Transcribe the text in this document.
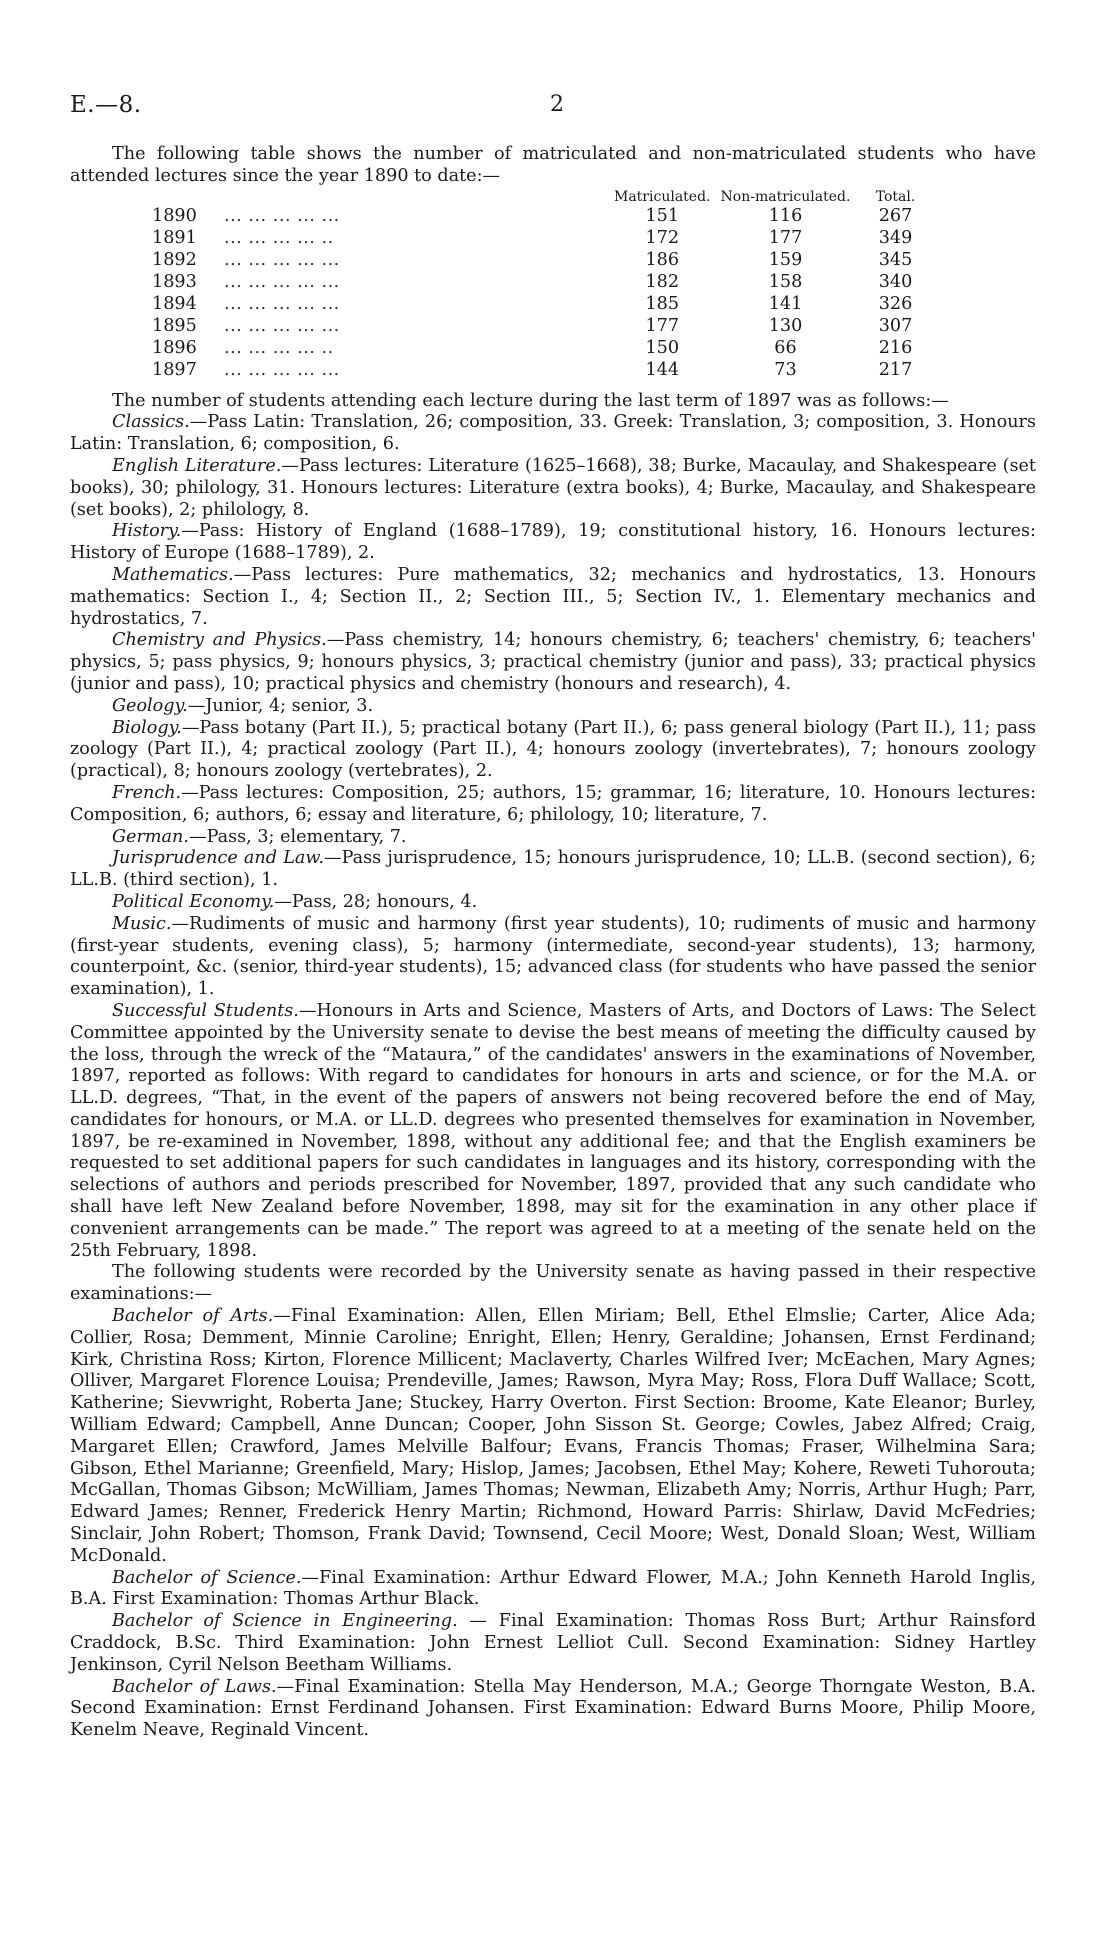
E.—8.	2

The following table shows the number of matriculated and non-matriculated students who have attended lectures since the year 1890 to date:—

		Matriculated.	Non-matriculated.	Total.
1890	... ... ... ... ...	151	116	267
1891	... ... ... ... ..	172	177	349
1892	... ... ... ... ...	186	159	345
1893	... ... ... ... ...	182	158	340
1894	... ... ... ... ...	185	141	326
1895	... ... ... ... ...	177	130	307
1896	... ... ... ... ..	150	66	216
1897	... ... ... ... ...	144	73	217

The number of students attending each lecture during the last term of 1897 was as follows:—

Classics.—Pass Latin: Translation, 26; composition, 33. Greek: Translation, 3; composition, 3. Honours Latin: Translation, 6; composition, 6.

English Literature.—Pass lectures: Literature (1625–1668), 38; Burke, Macaulay, and Shakespeare (set books), 30; philology, 31. Honours lectures: Literature (extra books), 4; Burke, Macaulay, and Shakespeare (set books), 2; philology, 8.

History.—Pass: History of England (1688–1789), 19; constitutional history, 16. Honours lectures: History of Europe (1688–1789), 2.

Mathematics.—Pass lectures: Pure mathematics, 32; mechanics and hydrostatics, 13. Honours mathematics: Section I., 4; Section II., 2; Section III., 5; Section IV., 1. Elementary mechanics and hydrostatics, 7.

Chemistry and Physics.—Pass chemistry, 14; honours chemistry, 6; teachers' chemistry, 6; teachers' physics, 5; pass physics, 9; honours physics, 3; practical chemistry (junior and pass), 33; practical physics (junior and pass), 10; practical physics and chemistry (honours and research), 4.

Geology.—Junior, 4; senior, 3.

Biology.—Pass botany (Part II.), 5; practical botany (Part II.), 6; pass general biology (Part II.), 11; pass zoology (Part II.), 4; practical zoology (Part II.), 4; honours zoology (invertebrates), 7; honours zoology (practical), 8; honours zoology (vertebrates), 2.

French.—Pass lectures: Composition, 25; authors, 15; grammar, 16; literature, 10. Honours lectures: Composition, 6; authors, 6; essay and literature, 6; philology, 10; literature, 7.

German.—Pass, 3; elementary, 7.

Jurisprudence and Law.—Pass jurisprudence, 15; honours jurisprudence, 10; LL.B. (second section), 6; LL.B. (third section), 1.

Political Economy.—Pass, 28; honours, 4.

Music.—Rudiments of music and harmony (first year students), 10; rudiments of music and harmony (first-year students, evening class), 5; harmony (intermediate, second-year students), 13; harmony, counterpoint, &c. (senior, third-year students), 15; advanced class (for students who have passed the senior examination), 1.

Successful Students.—Honours in Arts and Science, Masters of Arts, and Doctors of Laws: The Select Committee appointed by the University senate to devise the best means of meeting the difficulty caused by the loss, through the wreck of the “Mataura,” of the candidates' answers in the examinations of November, 1897, reported as follows: With regard to candidates for honours in arts and science, or for the M.A. or LL.D. degrees, “That, in the event of the papers of answers not being recovered before the end of May, candidates for honours, or M.A. or LL.D. degrees who presented themselves for examination in November, 1897, be re-examined in November, 1898, without any additional fee; and that the English examiners be requested to set additional papers for such candidates in languages and its history, corresponding with the selections of authors and periods prescribed for November, 1897, provided that any such candidate who shall have left New Zealand before November, 1898, may sit for the examination in any other place if convenient arrangements can be made.” The report was agreed to at a meeting of the senate held on the 25th February, 1898.

The following students were recorded by the University senate as having passed in their respective examinations:—

Bachelor of Arts.—Final Examination: Allen, Ellen Miriam; Bell, Ethel Elmslie; Carter, Alice Ada; Collier, Rosa; Demment, Minnie Caroline; Enright, Ellen; Henry, Geraldine; Johansen, Ernst Ferdinand; Kirk, Christina Ross; Kirton, Florence Millicent; Maclaverty, Charles Wilfred Iver; McEachen, Mary Agnes; Olliver, Margaret Florence Louisa; Prendeville, James; Rawson, Myra May; Ross, Flora Duff Wallace; Scott, Katherine; Sievwright, Roberta Jane; Stuckey, Harry Overton. First Section: Broome, Kate Eleanor; Burley, William Edward; Campbell, Anne Duncan; Cooper, John Sisson St. George; Cowles, Jabez Alfred; Craig, Margaret Ellen; Crawford, James Melville Balfour; Evans, Francis Thomas; Fraser, Wilhelmina Sara; Gibson, Ethel Marianne; Greenfield, Mary; Hislop, James; Jacobsen, Ethel May; Kohere, Reweti Tuhorouta; McGallan, Thomas Gibson; McWilliam, James Thomas; Newman, Elizabeth Amy; Norris, Arthur Hugh; Parr, Edward James; Renner, Frederick Henry Martin; Richmond, Howard Parris: Shirlaw, David McFedries; Sinclair, John Robert; Thomson, Frank David; Townsend, Cecil Moore; West, Donald Sloan; West, William McDonald.

Bachelor of Science.—Final Examination: Arthur Edward Flower, M.A.; John Kenneth Harold Inglis, B.A. First Examination: Thomas Arthur Black.

Bachelor of Science in Engineering. — Final Examination: Thomas Ross Burt; Arthur Rainsford Craddock, B.Sc. Third Examination: John Ernest Lelliot Cull. Second Examination: Sidney Hartley Jenkinson, Cyril Nelson Beetham Williams.

Bachelor of Laws.—Final Examination: Stella May Henderson, M.A.; George Thorngate Weston, B.A. Second Examination: Ernst Ferdinand Johansen. First Examination: Edward Burns Moore, Philip Moore, Kenelm Neave, Reginald Vincent.
